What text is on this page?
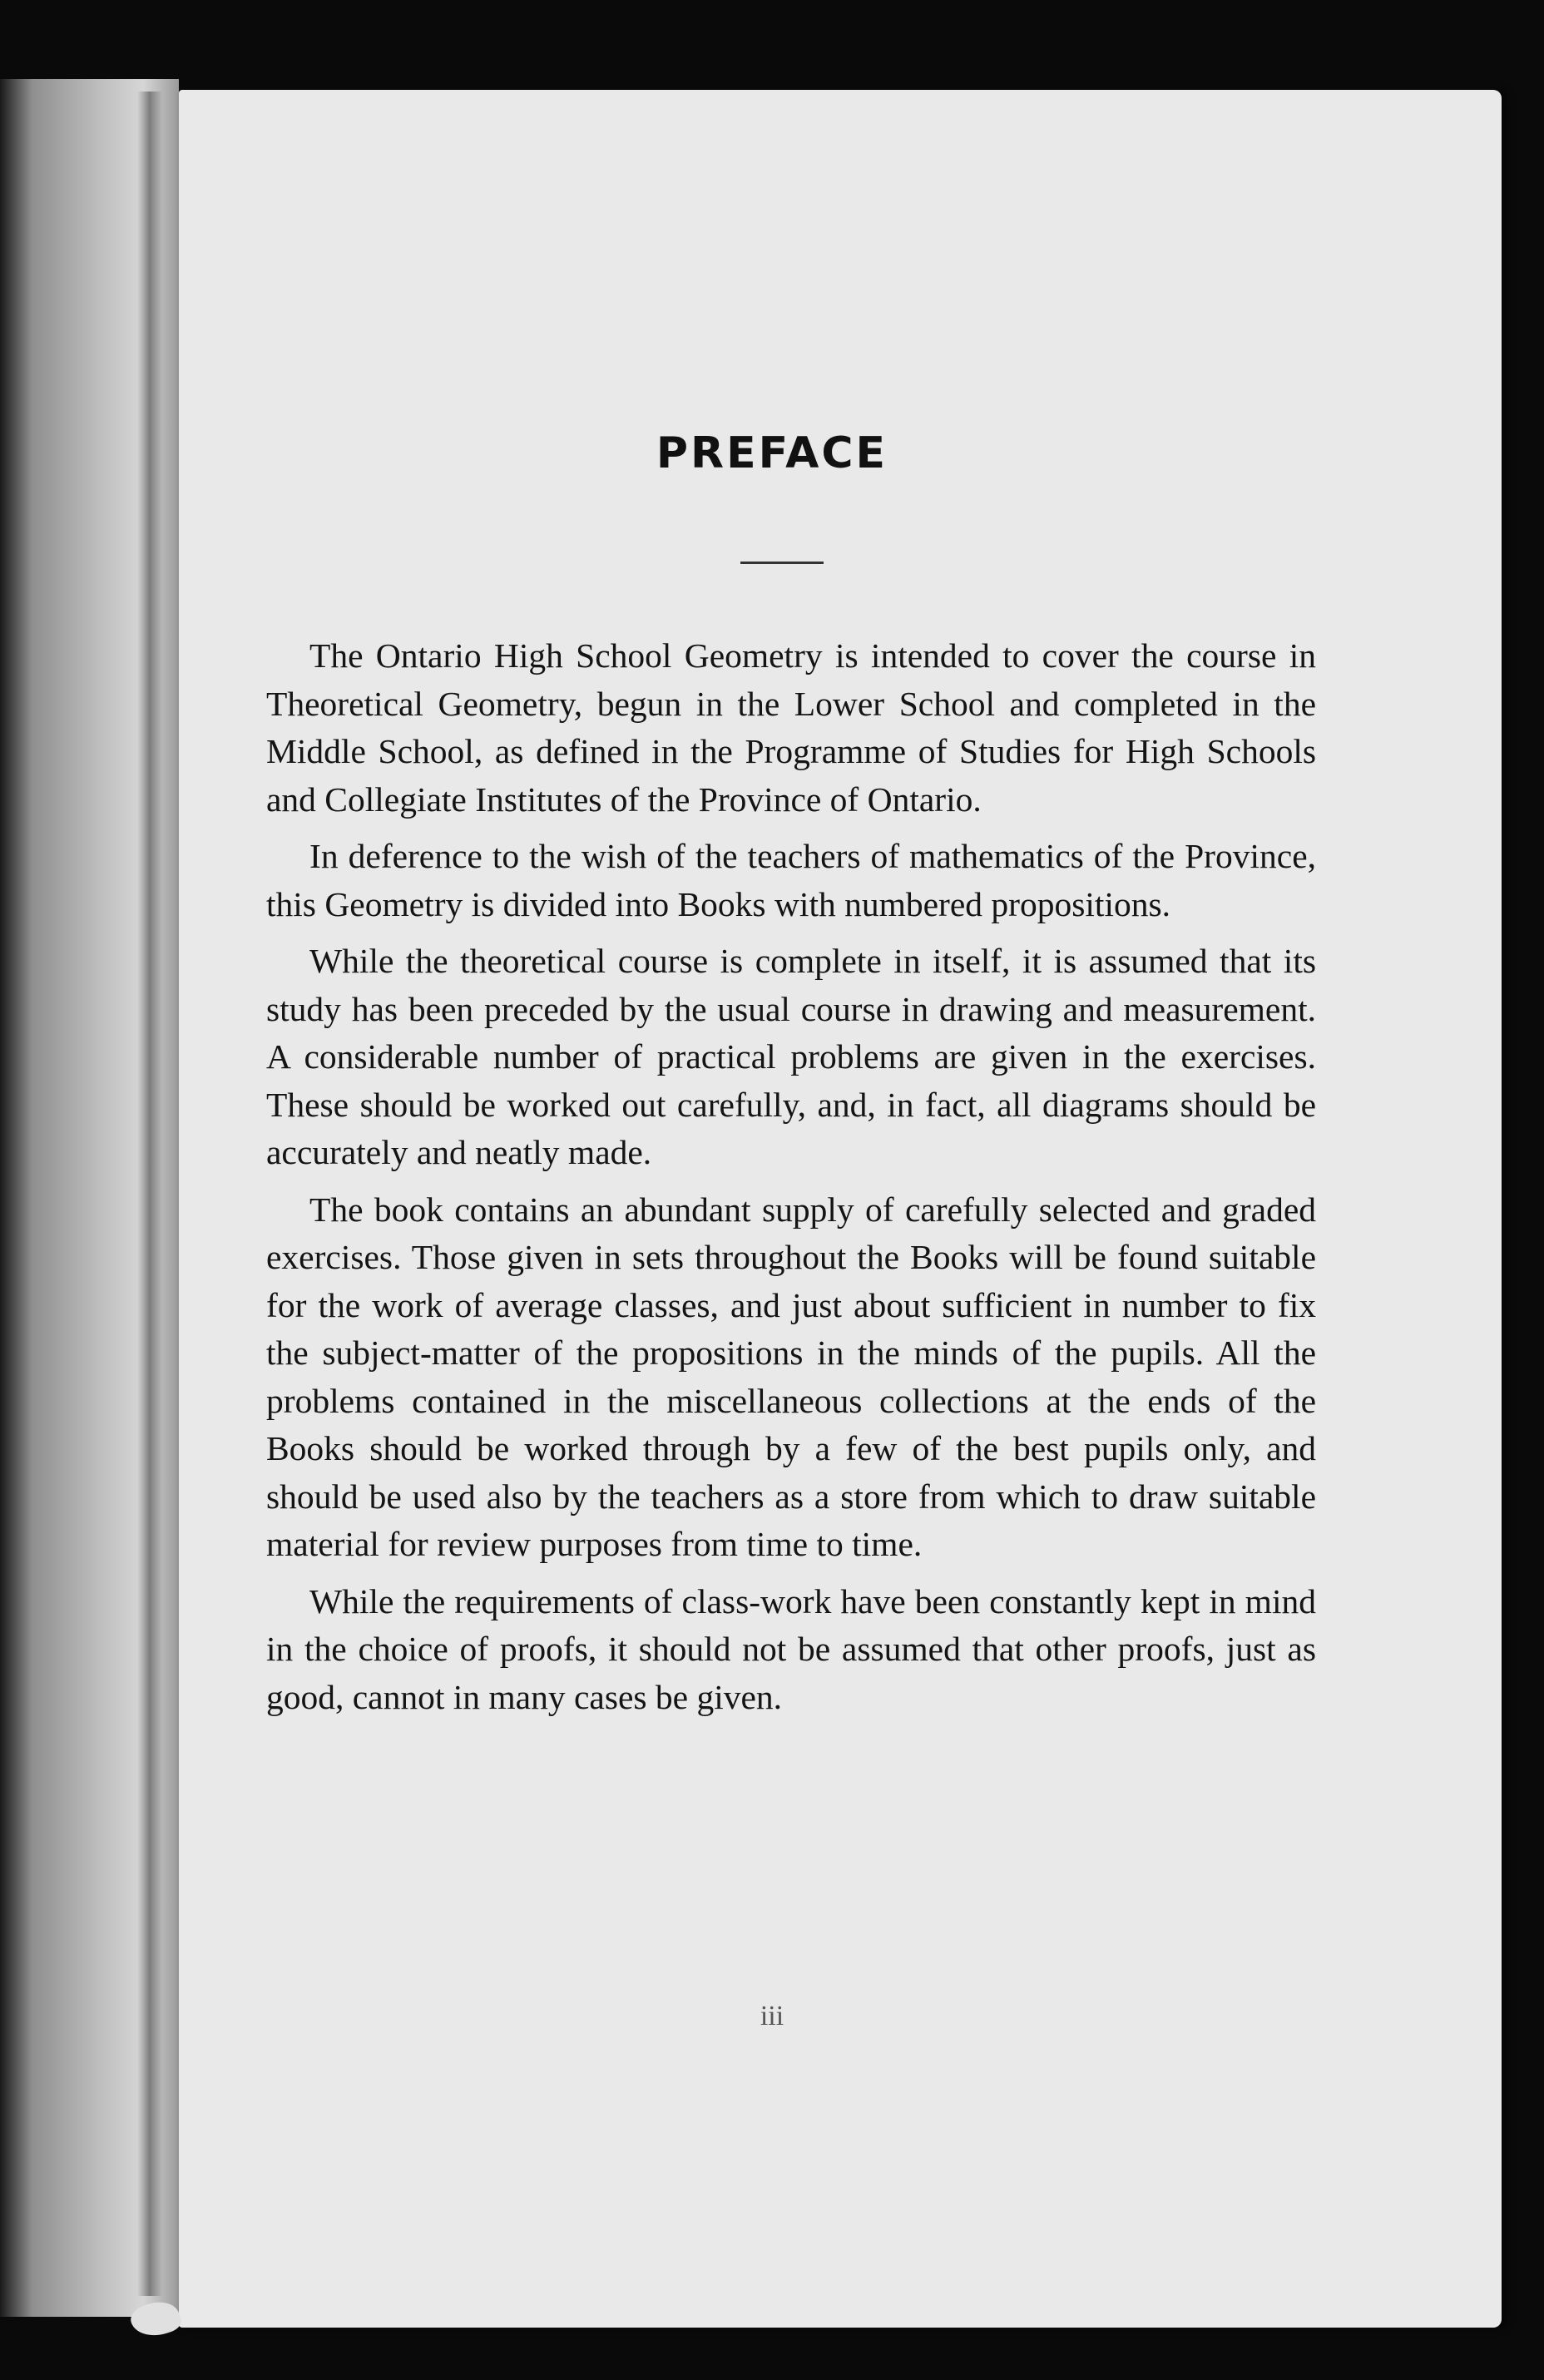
PREFACE

The Ontario High School Geometry is intended to cover the course in Theoretical Geometry, begun in the Lower School and completed in the Middle School, as defined in the Programme of Studies for High Schools and Collegiate Institutes of the Province of Ontario.

In deference to the wish of the teachers of mathematics of the Province, this Geometry is divided into Books with numbered propositions.

While the theoretical course is complete in itself, it is assumed that its study has been preceded by the usual course in drawing and measurement. A considerable number of practical problems are given in the exercises. These should be worked out carefully, and, in fact, all diagrams should be accurately and neatly made.

The book contains an abundant supply of carefully selected and graded exercises. Those given in sets throughout the Books will be found suitable for the work of average classes, and just about sufficient in number to fix the subject-matter of the propositions in the minds of the pupils. All the problems contained in the miscellaneous collections at the ends of the Books should be worked through by a few of the best pupils only, and should be used also by the teachers as a store from which to draw suitable material for review purposes from time to time.

While the requirements of class-work have been constantly kept in mind in the choice of proofs, it should not be assumed that other proofs, just as good, cannot in many cases be given.

iii
